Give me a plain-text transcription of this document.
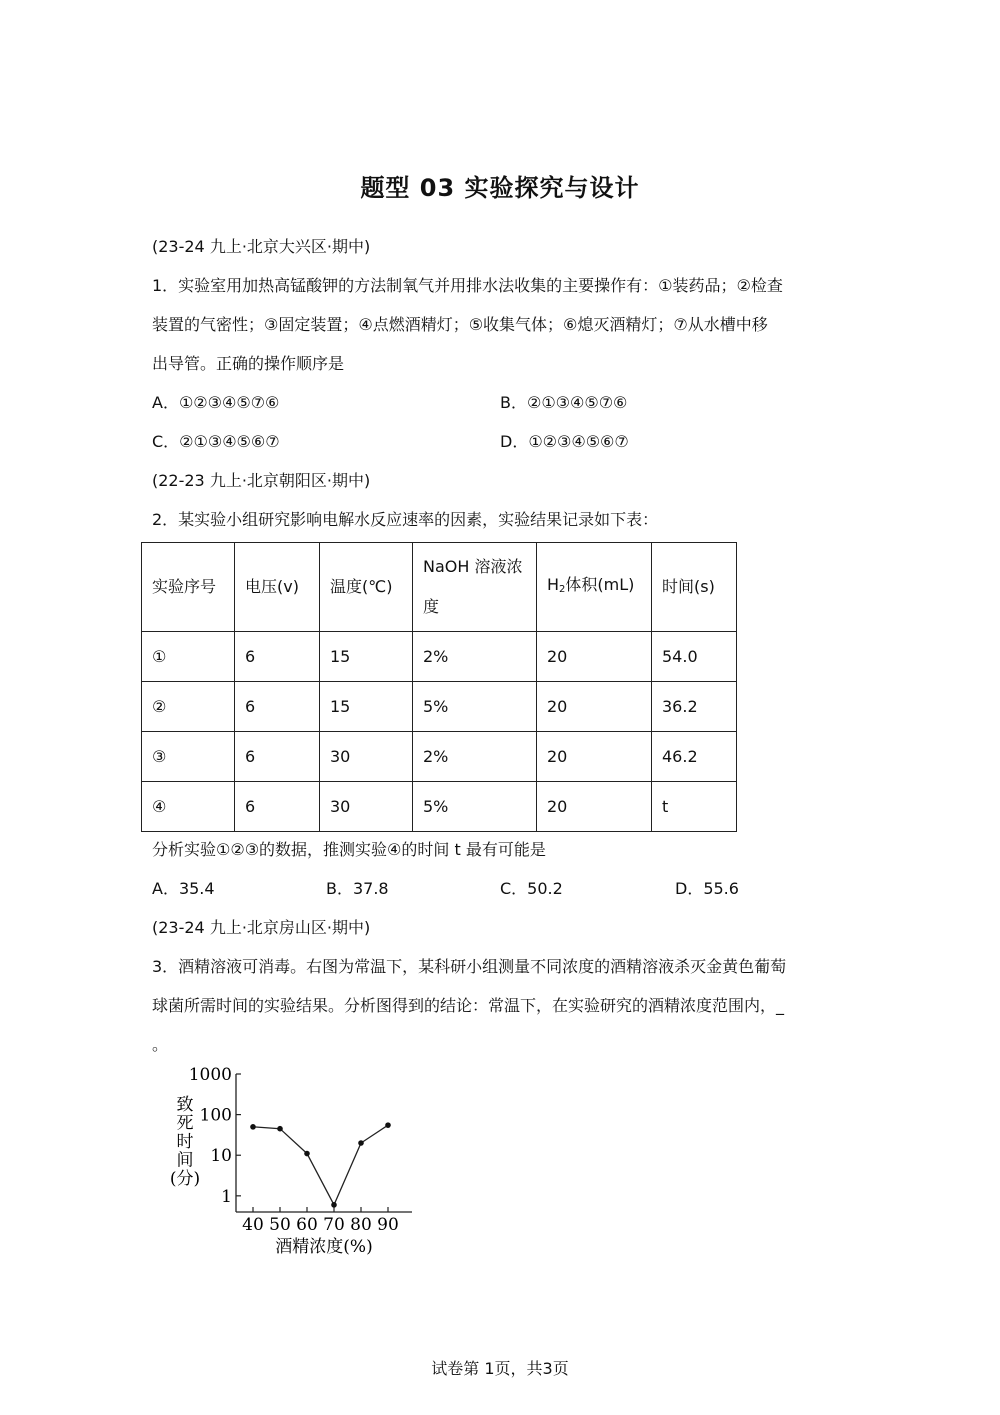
题型 03 实验探究与设计
(23-24 九上·北京大兴区·期中)
1．实验室用加热高锰酸钾的方法制氧气并用排水法收集的主要操作有：①装药品；②检查
装置的气密性；③固定装置；④点燃酒精灯；⑤收集气体；⑥熄灭酒精灯；⑦从水槽中移
出导管。正确的操作顺序是
A．①②③④⑤⑦⑥	B．②①③④⑤⑦⑥
C．②①③④⑤⑥⑦	D．①②③④⑤⑥⑦
(22-23 九上·北京朝阳区·期中)
2．某实验小组研究影响电解水反应速率的因素，实验结果记录如下表：
实验序号	电压(v)	温度(℃)	NaOH 溶液浓
度	$H_2$体积(mL)	时间(s)
①	6	15	2%	20	54.0
②	6	15	5%	20	36.2
③	6	30	2%	20	46.2
④	6	30	5%	20	t
分析实验①②③的数据，推测实验④的时间 t 最有可能是
A．35.4	B．37.8	C．50.2	D．55.6
(23-24 九上·北京房山区·期中)
3．酒精溶液可消毒。右图为常温下，某科研小组测量不同浓度的酒精溶液杀灭金黄色葡萄
球菌所需时间的实验结果。分析图得到的结论：常温下，在实验研究的酒精浓度范围内，_
。
1
10
100
1000
40 50 60 70 80 90
致
死
时
间
(分)
酒精浓度(%)
试卷第 1页，共3页
